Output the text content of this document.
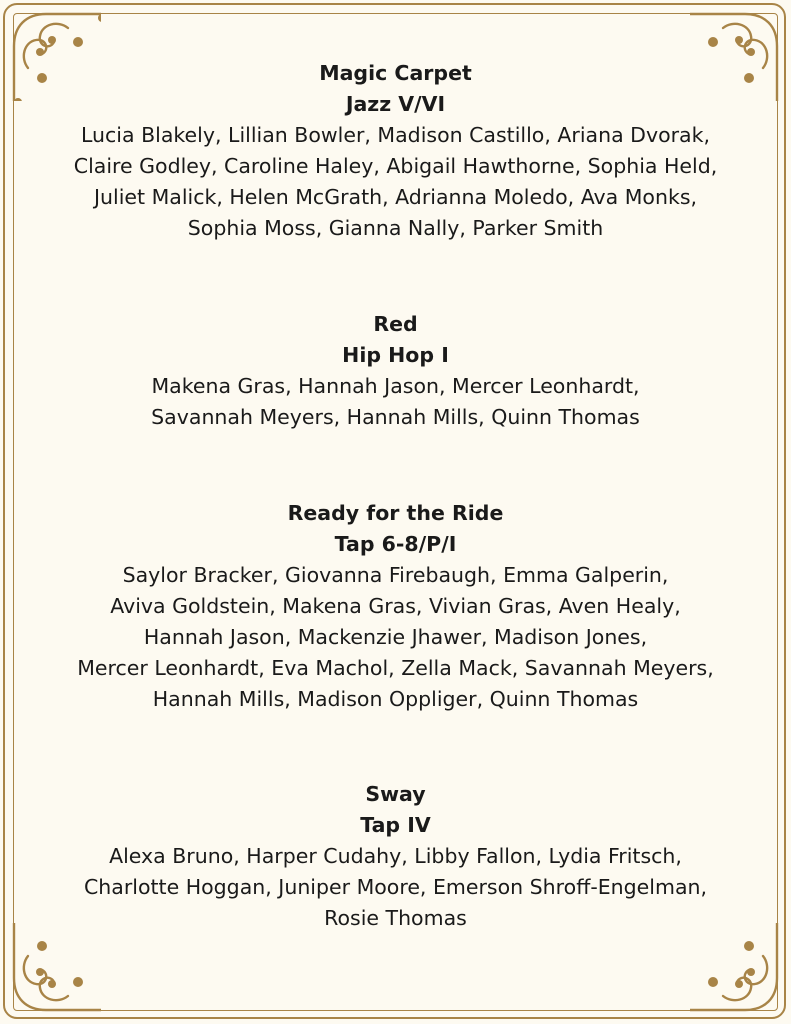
Magic Carpet

Jazz V/VI

Lucia Blakely, Lillian Bowler, Madison Castillo, Ariana Dvorak,
Claire Godley, Caroline Haley, Abigail Hawthorne, Sophia Held,
Juliet Malick, Helen McGrath, Adrianna Moledo, Ava Monks,
Sophia Moss, Gianna Nally, Parker Smith

Red

Hip Hop I

Makena Gras, Hannah Jason, Mercer Leonhardt,
Savannah Meyers, Hannah Mills, Quinn Thomas

Ready for the Ride

Tap 6-8/P/I

Saylor Bracker, Giovanna Firebaugh, Emma Galperin,
Aviva Goldstein, Makena Gras, Vivian Gras, Aven Healy,
Hannah Jason, Mackenzie Jhawer, Madison Jones,
Mercer Leonhardt, Eva Machol, Zella Mack, Savannah Meyers,
Hannah Mills, Madison Oppliger, Quinn Thomas

Sway

Tap IV

Alexa Bruno, Harper Cudahy, Libby Fallon, Lydia Fritsch,
Charlotte Hoggan, Juniper Moore, Emerson Shroff-Engelman,
Rosie Thomas
